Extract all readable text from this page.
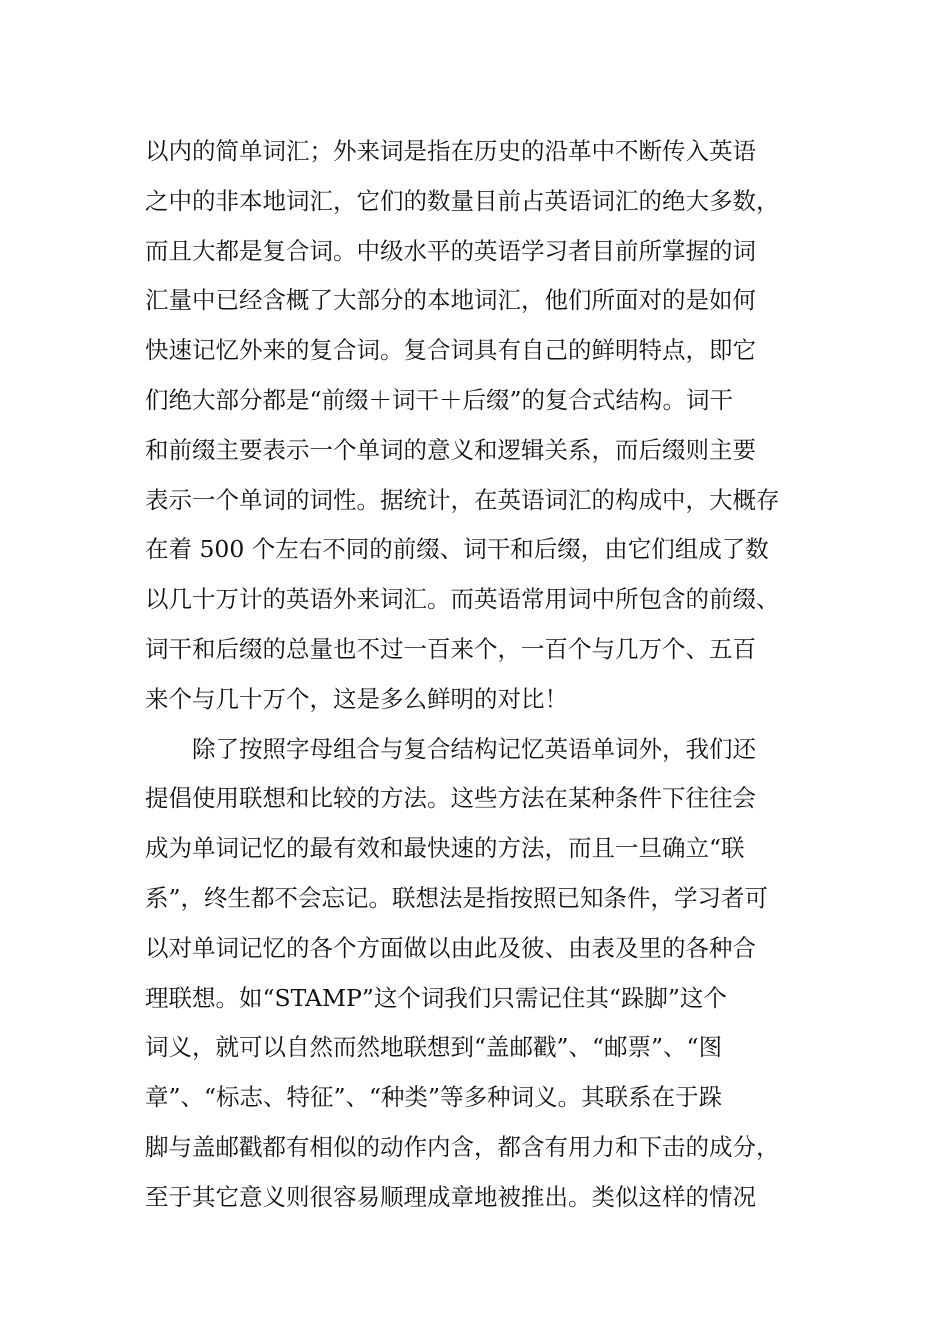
以内的简单词汇；外来词是指在历史的沿革中不断传入英语
之中的非本地词汇，它们的数量目前占英语词汇的绝大多数，
而且大都是复合词。中级水平的英语学习者目前所掌握的词
汇量中已经含概了大部分的本地词汇，他们所面对的是如何
快速记忆外来的复合词。复合词具有自己的鲜明特点，即它
们绝大部分都是“前缀＋词干＋后缀”的复合式结构。词干
和前缀主要表示一个单词的意义和逻辑关系，而后缀则主要
表示一个单词的词性。据统计，在英语词汇的构成中，大概存
在着 500 个左右不同的前缀、词干和后缀，由它们组成了数
以几十万计的英语外来词汇。而英语常用词中所包含的前缀、
词干和后缀的总量也不过一百来个，一百个与几万个、五百
来个与几十万个，这是多么鲜明的对比！
除了按照字母组合与复合结构记忆英语单词外，我们还
提倡使用联想和比较的方法。这些方法在某种条件下往往会
成为单词记忆的最有效和最快速的方法，而且一旦确立“联
系”，终生都不会忘记。联想法是指按照已知条件，学习者可
以对单词记忆的各个方面做以由此及彼、由表及里的各种合
理联想。如“STAMP”这个词我们只需记住其“跺脚”这个
词义，就可以自然而然地联想到“盖邮戳”、“邮票”、“图
章”、“标志、特征”、“种类”等多种词义。其联系在于跺
脚与盖邮戳都有相似的动作内含，都含有用力和下击的成分，
至于其它意义则很容易顺理成章地被推出。类似这样的情况
